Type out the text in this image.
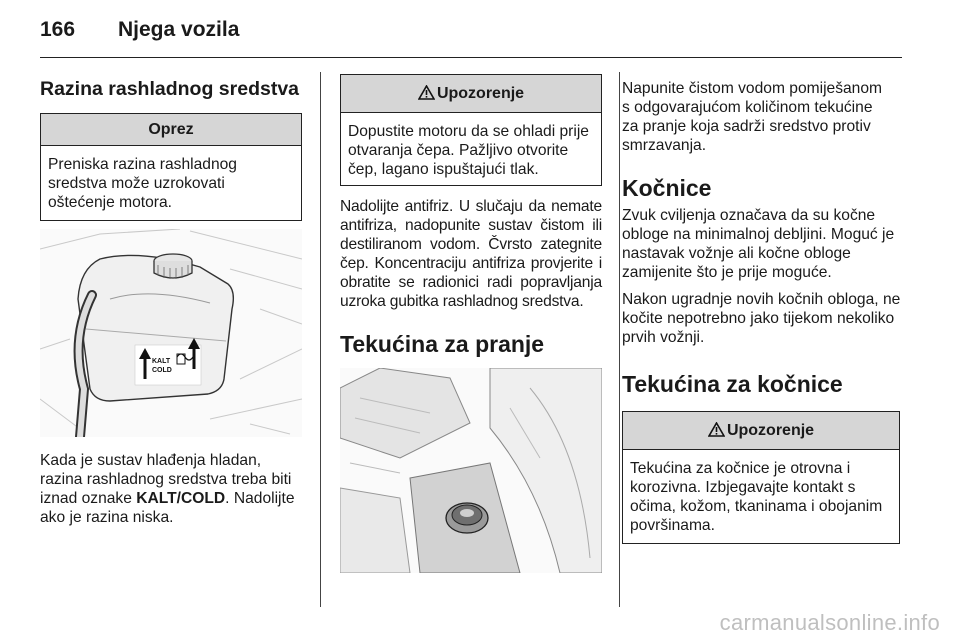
166 Njega vozila
Razina rashladnog sredstva
Oprez

Preniska razina rashladnog sredstva može uzrokovati oštećenje motora.

KALT
COLD

Kada je sustav hlađenja hladan, razina rashladnog sredstva treba biti iznad oznake KALT/COLD. Nadolijte ako je razina niska.

Upozorenje

Dopustite motoru da se ohladi prije otvaranja čepa. Pažljivo otvorite čep, lagano ispuštajući tlak.

Nadolijte antifriz. U slučaju da nemate antifriza, nadopunite sustav čistom ili destiliranom vodom. Čvrsto zategnite čep. Koncentraciju antifriza provjerite i obratite se radionici radi popravljanja uzroka gubitka rashladnog sredstva.

Tekućina za pranje

Napunite čistom vodom pomiješanom s odgovarajućom količinom tekućine za pranje koja sadrži sredstvo protiv smrzavanja.

Kočnice

Zvuk cviljenja označava da su kočne obloge na minimalnoj debljini. Moguć je nastavak vožnje ali kočne obloge zamijenite što je prije moguće.

Nakon ugradnje novih kočnih obloga, ne kočite nepotrebno jako tijekom nekoliko prvih vožnji.

Tekućina za kočnice
Upozorenje

Tekućina za kočnice je otrovna i korozivna. Izbjegavajte kontakt s očima, kožom, tkaninama i obojanim površinama.

carmanualsonline.info
